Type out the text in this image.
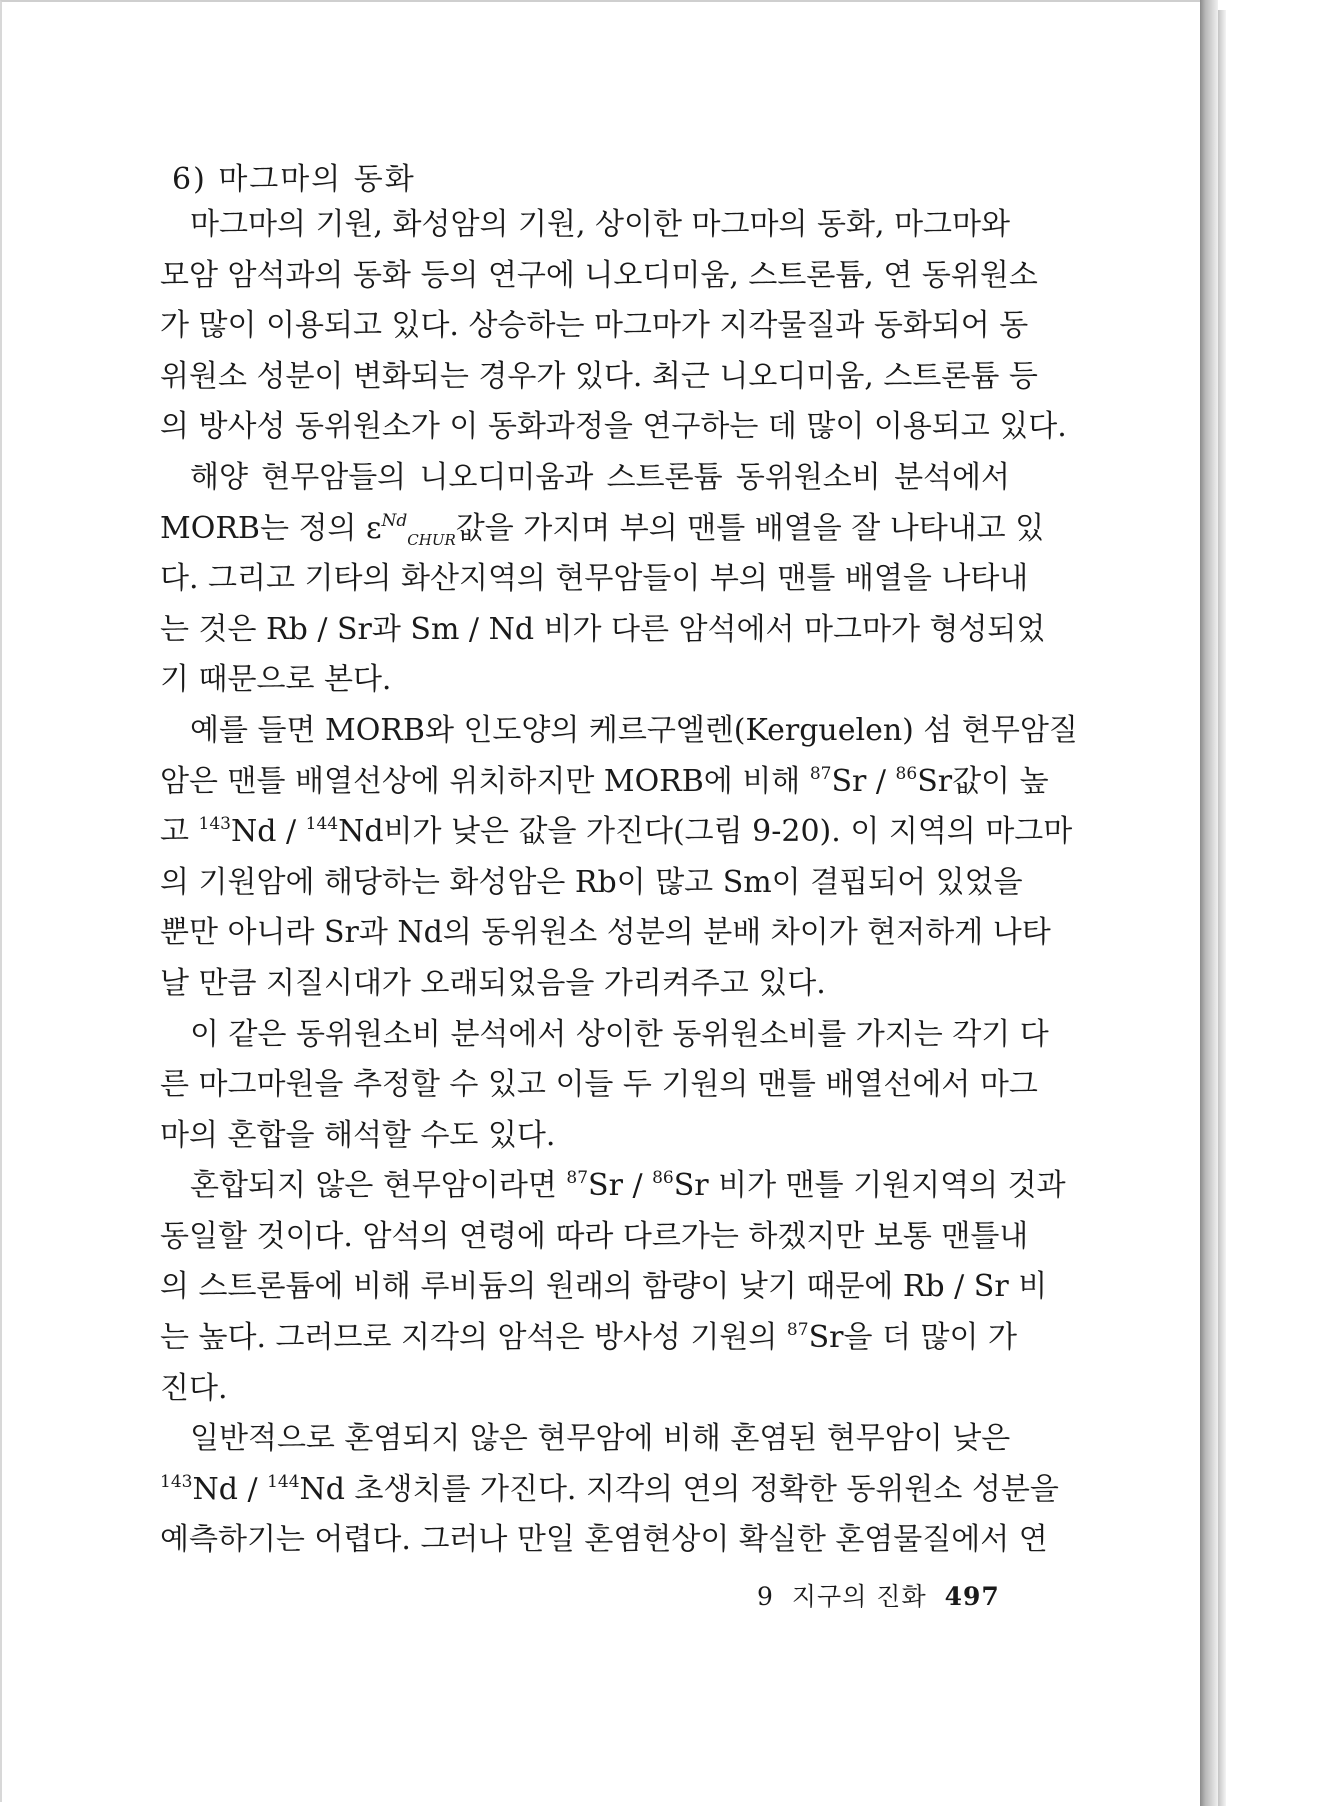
6) 마그마의 동화
마그마의 기원, 화성암의 기원, 상이한 마그마의 동화, 마그마와
모암 암석과의 동화 등의 연구에 니오디미움, 스트론튬, 연 동위원소
가 많이 이용되고 있다. 상승하는 마그마가 지각물질과 동화되어 동
위원소 성분이 변화되는 경우가 있다. 최근 니오디미움, 스트론튬 등
의 방사성 동위원소가 이 동화과정을 연구하는 데 많이 이용되고 있다.
해양 현무암들의 니오디미움과 스트론튬 동위원소비 분석에서
MORB는 정의 $\varepsilon^{Nd}_{CHUR}$값을 가지며 부의 맨틀 배열을 잘 나타내고 있
다. 그리고 기타의 화산지역의 현무암들이 부의 맨틀 배열을 나타내
는 것은 Rb / Sr과 Sm / Nd 비가 다른 암석에서 마그마가 형성되었
기 때문으로 본다.
예를 들면 MORB와 인도양의 케르구엘렌(Kerguelen) 섬 현무암질
암은 맨틀 배열선상에 위치하지만 MORB에 비해 $^{87}$Sr / $^{86}$Sr값이 높
고 $^{143}$Nd / $^{144}$Nd비가 낮은 값을 가진다(그림 9-20). 이 지역의 마그마
의 기원암에 해당하는 화성암은 Rb이 많고 Sm이 결핍되어 있었을
뿐만 아니라 Sr과 Nd의 동위원소 성분의 분배 차이가 현저하게 나타
날 만큼 지질시대가 오래되었음을 가리켜주고 있다.
이 같은 동위원소비 분석에서 상이한 동위원소비를 가지는 각기 다
른 마그마원을 추정할 수 있고 이들 두 기원의 맨틀 배열선에서 마그
마의 혼합을 해석할 수도 있다.
혼합되지 않은 현무암이라면 $^{87}$Sr / $^{86}$Sr 비가 맨틀 기원지역의 것과
동일할 것이다. 암석의 연령에 따라 다르가는 하겠지만 보통 맨틀내
의 스트론튬에 비해 루비듐의 원래의 함량이 낮기 때문에 Rb / Sr 비
는 높다. 그러므로 지각의 암석은 방사성 기원의 $^{87}$Sr을 더 많이 가
진다.
일반적으로 혼염되지 않은 현무암에 비해 혼염된 현무암이 낮은
$^{143}$Nd / $^{144}$Nd 초생치를 가진다. 지각의 연의 정확한 동위원소 성분을
예측하기는 어렵다. 그러나 만일 혼염현상이 확실한 혼염물질에서 연
9 지구의 진화 497
